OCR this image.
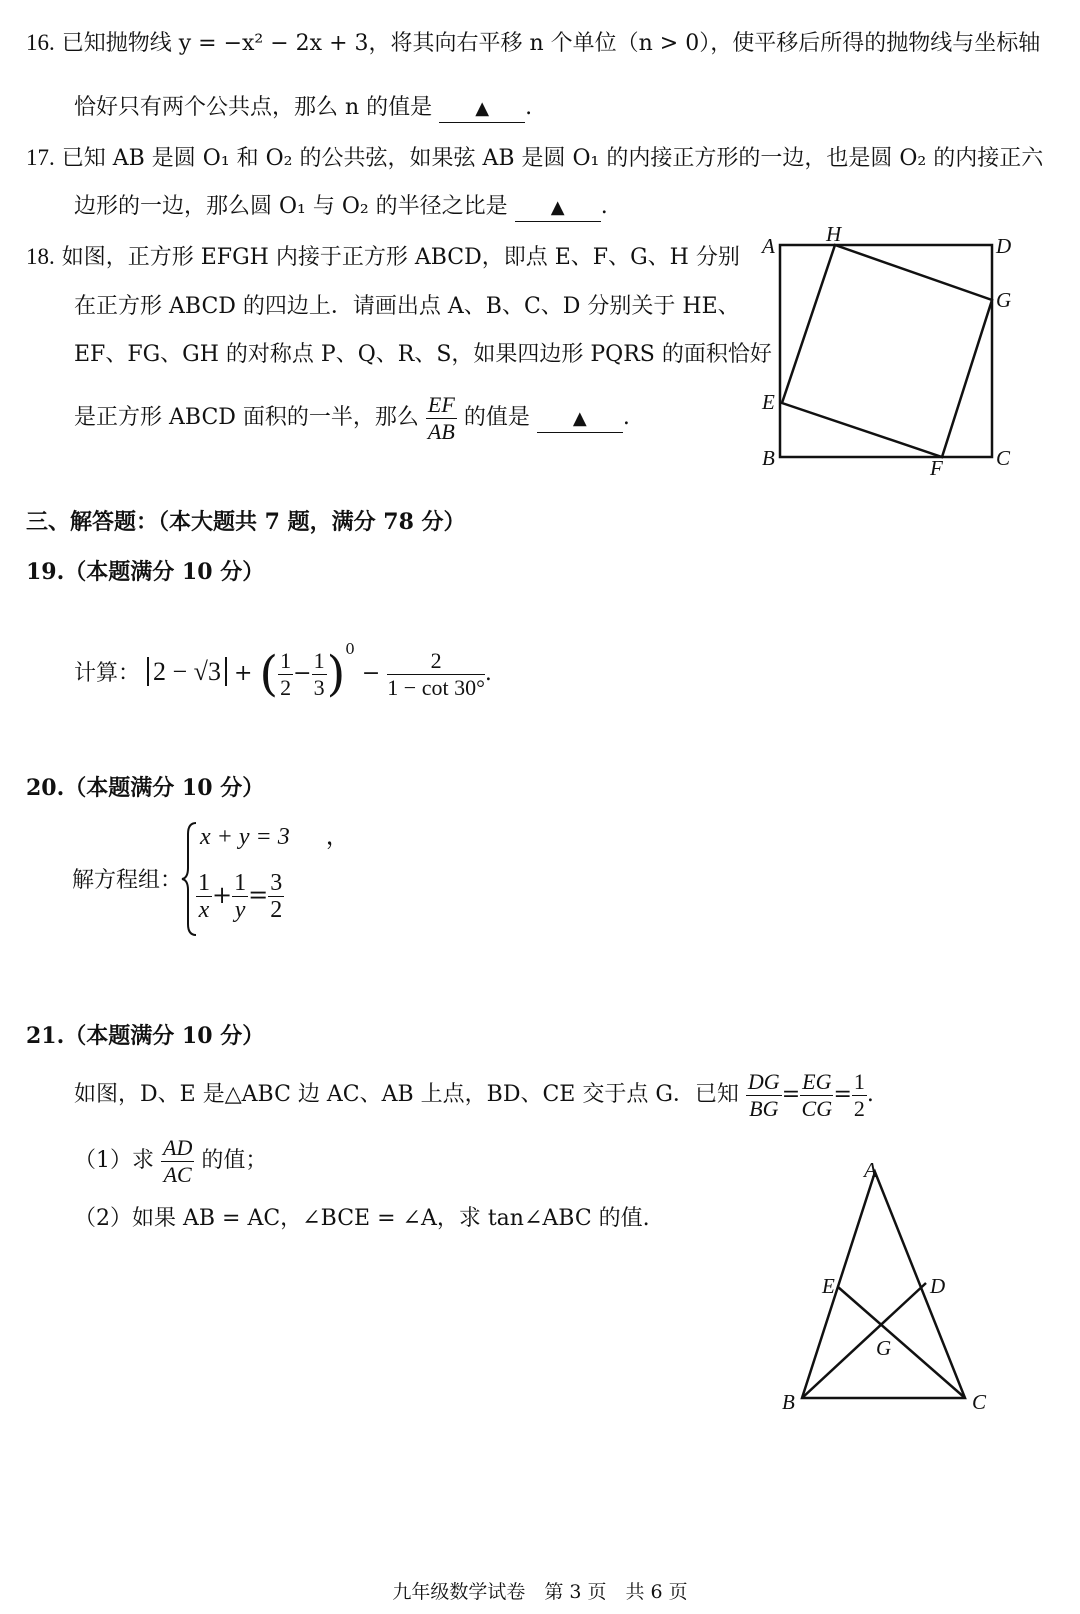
16. 已知抛物线 y = −x² − 2x + 3，将其向右平移 n 个单位（n > 0），使平移后所得的抛物线与坐标轴
恰好只有两个公共点，那么 n 的值是 ▲ .
17. 已知 AB 是圆 O₁ 和 O₂ 的公共弦，如果弦 AB 是圆 O₁ 的内接正方形的一边，也是圆 O₂ 的内接正六
边形的一边，那么圆 O₁ 与 O₂ 的半径之比是 ▲ .
18. 如图，正方形 EFGH 内接于正方形 ABCD，即点 E、F、G、H 分别
在正方形 ABCD 的四边上．请画出点 A、B、C、D 分别关于 HE、
EF、FG、GH 的对称点 P、Q、R、S，如果四边形 PQRS 的面积恰好
是正方形 ABCD 面积的一半，那么 $\frac{EF}{AB}$ 的值是 ▲ .
A H	D
G
E
B	F	C
三、解答题：（本大题共 7 题，满分 78 分）
19.（本题满分 10 分）
计算： 2 − √3 + ( $\frac{1}{2} - \frac{1}{3} )^0 - \frac{2}{1 - \cot 30^\circ}$ .
20.（本题满分 10 分）
解方程组：
x + y = 3 ，
$\frac{1}{x} + \frac{1}{y} = \frac{3}{2}$
21.（本题满分 10 分）
如图，D、E 是△ABC 边 AC、AB 上点，BD、CE 交于点 G．已知 $\frac{DG}{BG} = \frac{EG}{CG} = \frac{1}{2}$ .
（1）求 $\frac{AD}{AC}$ 的值；
（2）如果 AB = AC，∠BCE = ∠A，求 tan∠ABC 的值.
A
E	D
G
B	C
九年级数学试卷　第 3 页　共 6 页
